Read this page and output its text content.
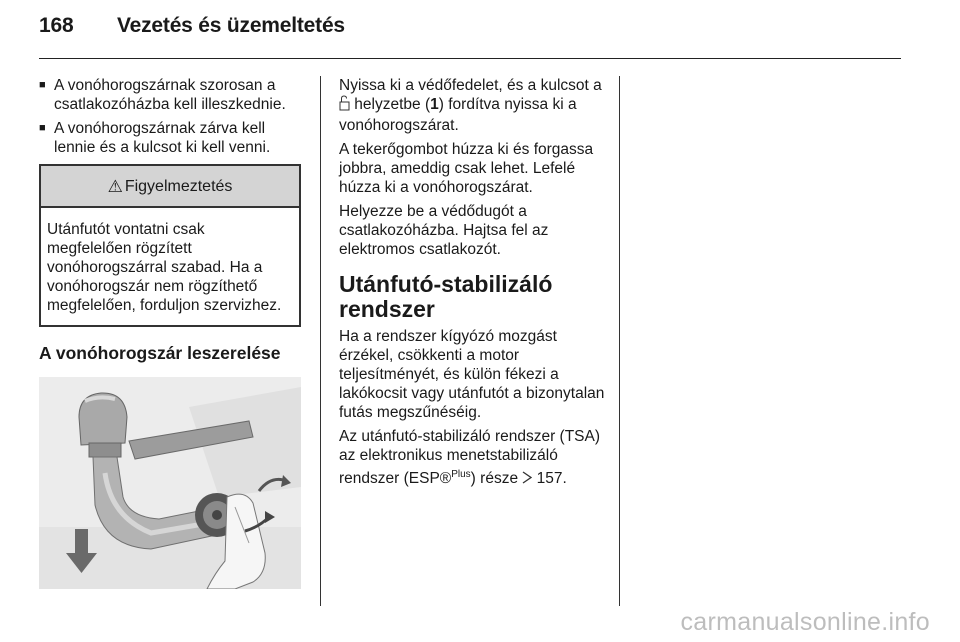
168 Vezetés és üzemeltetés
■ A vonóhorogszárnak szorosan a csatlakozóházba kell illeszkednie.
■ A vonóhorogszárnak zárva kell lennie és a kulcsot ki kell venni.
⚠ Figyelmeztetés
Utánfutót vontatni csak megfelelően rögzített vonóhorogszárral szabad. Ha a vonóhorogszár nem rögzíthető megfelelően, forduljon szervizhez.
A vonóhorogszár leszerelése
Nyissa ki a védőfedelet, és a kulcsot a  helyzetbe (1) fordítva nyissa ki a vonóhorogszárat.
A tekerőgombot húzza ki és forgassa jobbra, ameddig csak lehet. Lefelé húzza ki a vonóhorogszárat.
Helyezze be a védődugót a csatlakozóházba. Hajtsa fel az elektromos csatlakozót.
Utánfutó-stabilizáló rendszer
Ha a rendszer kígyózó mozgást érzékel, csökkenti a motor teljesítményét, és külön fékezi a lakókocsit vagy utánfutót a bizonytalan futás megszűnéséig.
Az utánfutó-stabilizáló rendszer (TSA) az elektronikus menetstabilizáló rendszer (ESP®$^{Plus}$) része  157.
carmanualsonline.info
